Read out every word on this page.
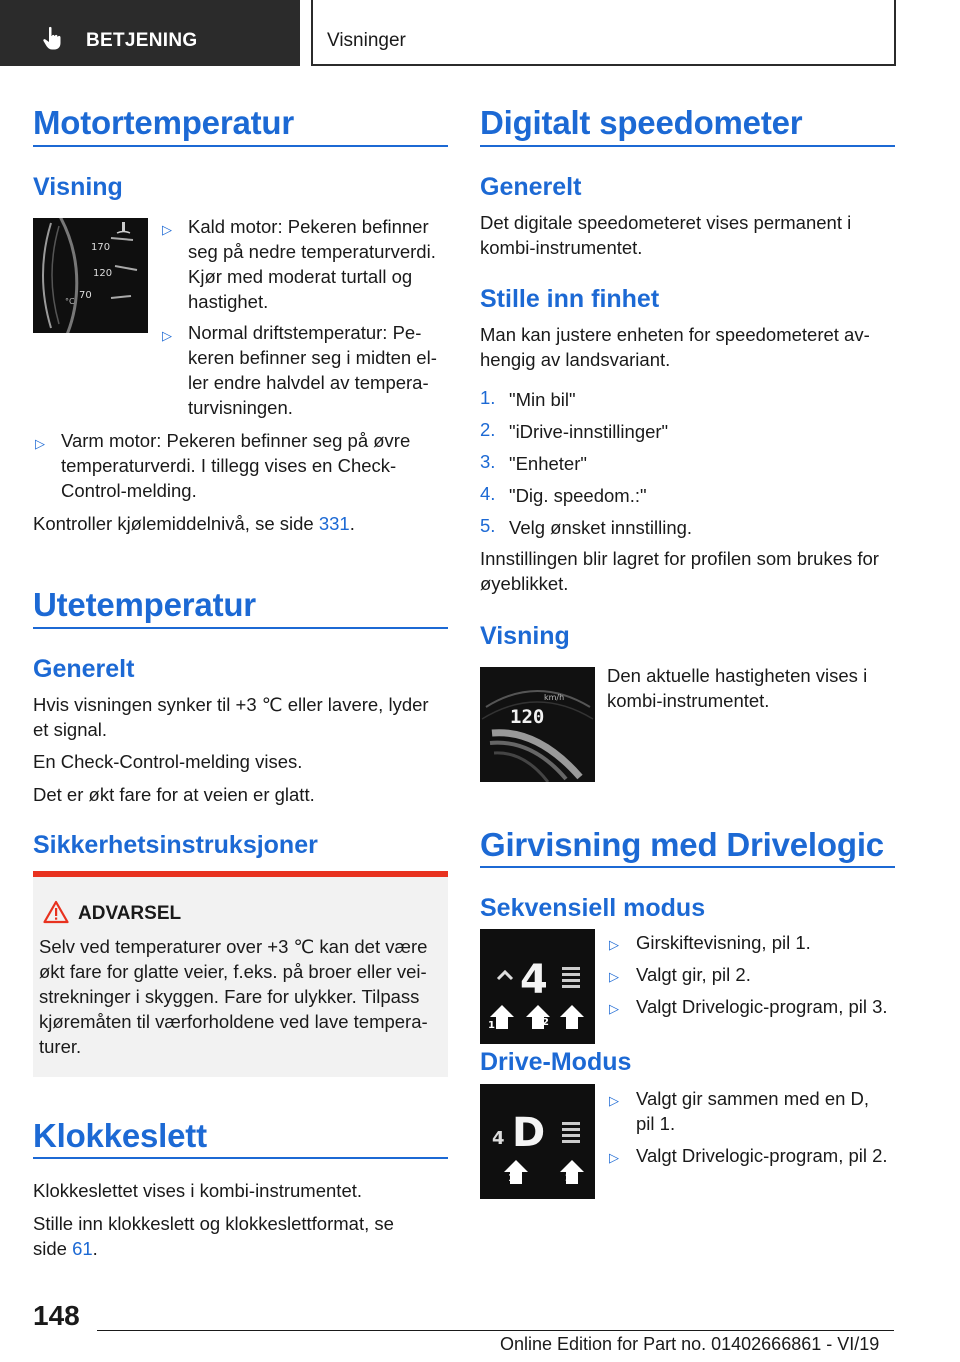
BETJENING	Visninger
Motortemperatur
Visning
170
120
70
°C
▷ Kald motor: Pekeren befinner
seg på nedre temperaturverdi.
Kjør med moderat turtall og
hastighet.
▷ Normal driftstemperatur: Pe-
keren befinner seg i midten el-
ler endre halvdel av tempera-
turvisningen.
▷ Varm motor: Pekeren befinner seg på øvre
temperaturverdi. I tillegg vises en Check-
Control-melding.
Kontroller kjølemiddelnivå, se side 331.
Utetemperatur
Generelt
Hvis visningen synker til +3 ℃ eller lavere, lyder
et signal.
En Check-Control-melding vises.
Det er økt fare for at veien er glatt.
Sikkerhetsinstruksjoner
ADVARSEL
Selv ved temperaturer over +3 ℃ kan det være
økt fare for glatte veier, f.eks. på broer eller vei-
strekninger i skyggen. Fare for ulykker. Tilpass
kjøremåten til værforholdene ved lave tempera-
turer.
Klokkeslett
Klokkeslettet vises i kombi-instrumentet.
Stille inn klokkeslett og klokkeslettformat, se
side 61.
Digitalt speedometer
Generelt
Det digitale speedometeret vises permanent i
kombi-instrumentet.
Stille inn finhet
Man kan justere enheten for speedometeret av-
hengig av landsvariant.
1. "Min bil"
2. "iDrive-innstillinger"
3. "Enheter"
4. "Dig. speedom.:"
5. Velg ønsket innstilling.
Innstillingen blir lagret for profilen som brukes for
øyeblikket.
Visning
km/h
120
Den aktuelle hastigheten vises i
kombi-instrumentet.
Girvisning med Drivelogic
Sekvensiell modus
4
1	2 3
▷ Girskiftevisning, pil 1.
▷ Valgt gir, pil 2.
▷ Valgt Drivelogic-program, pil 3.
Drive-Modus
4 D
1	2
▷ Valgt gir sammen med en D,
pil 1.
▷ Valgt Drivelogic-program, pil 2.
148
Online Edition for Part no. 01402666861 - VI/19
